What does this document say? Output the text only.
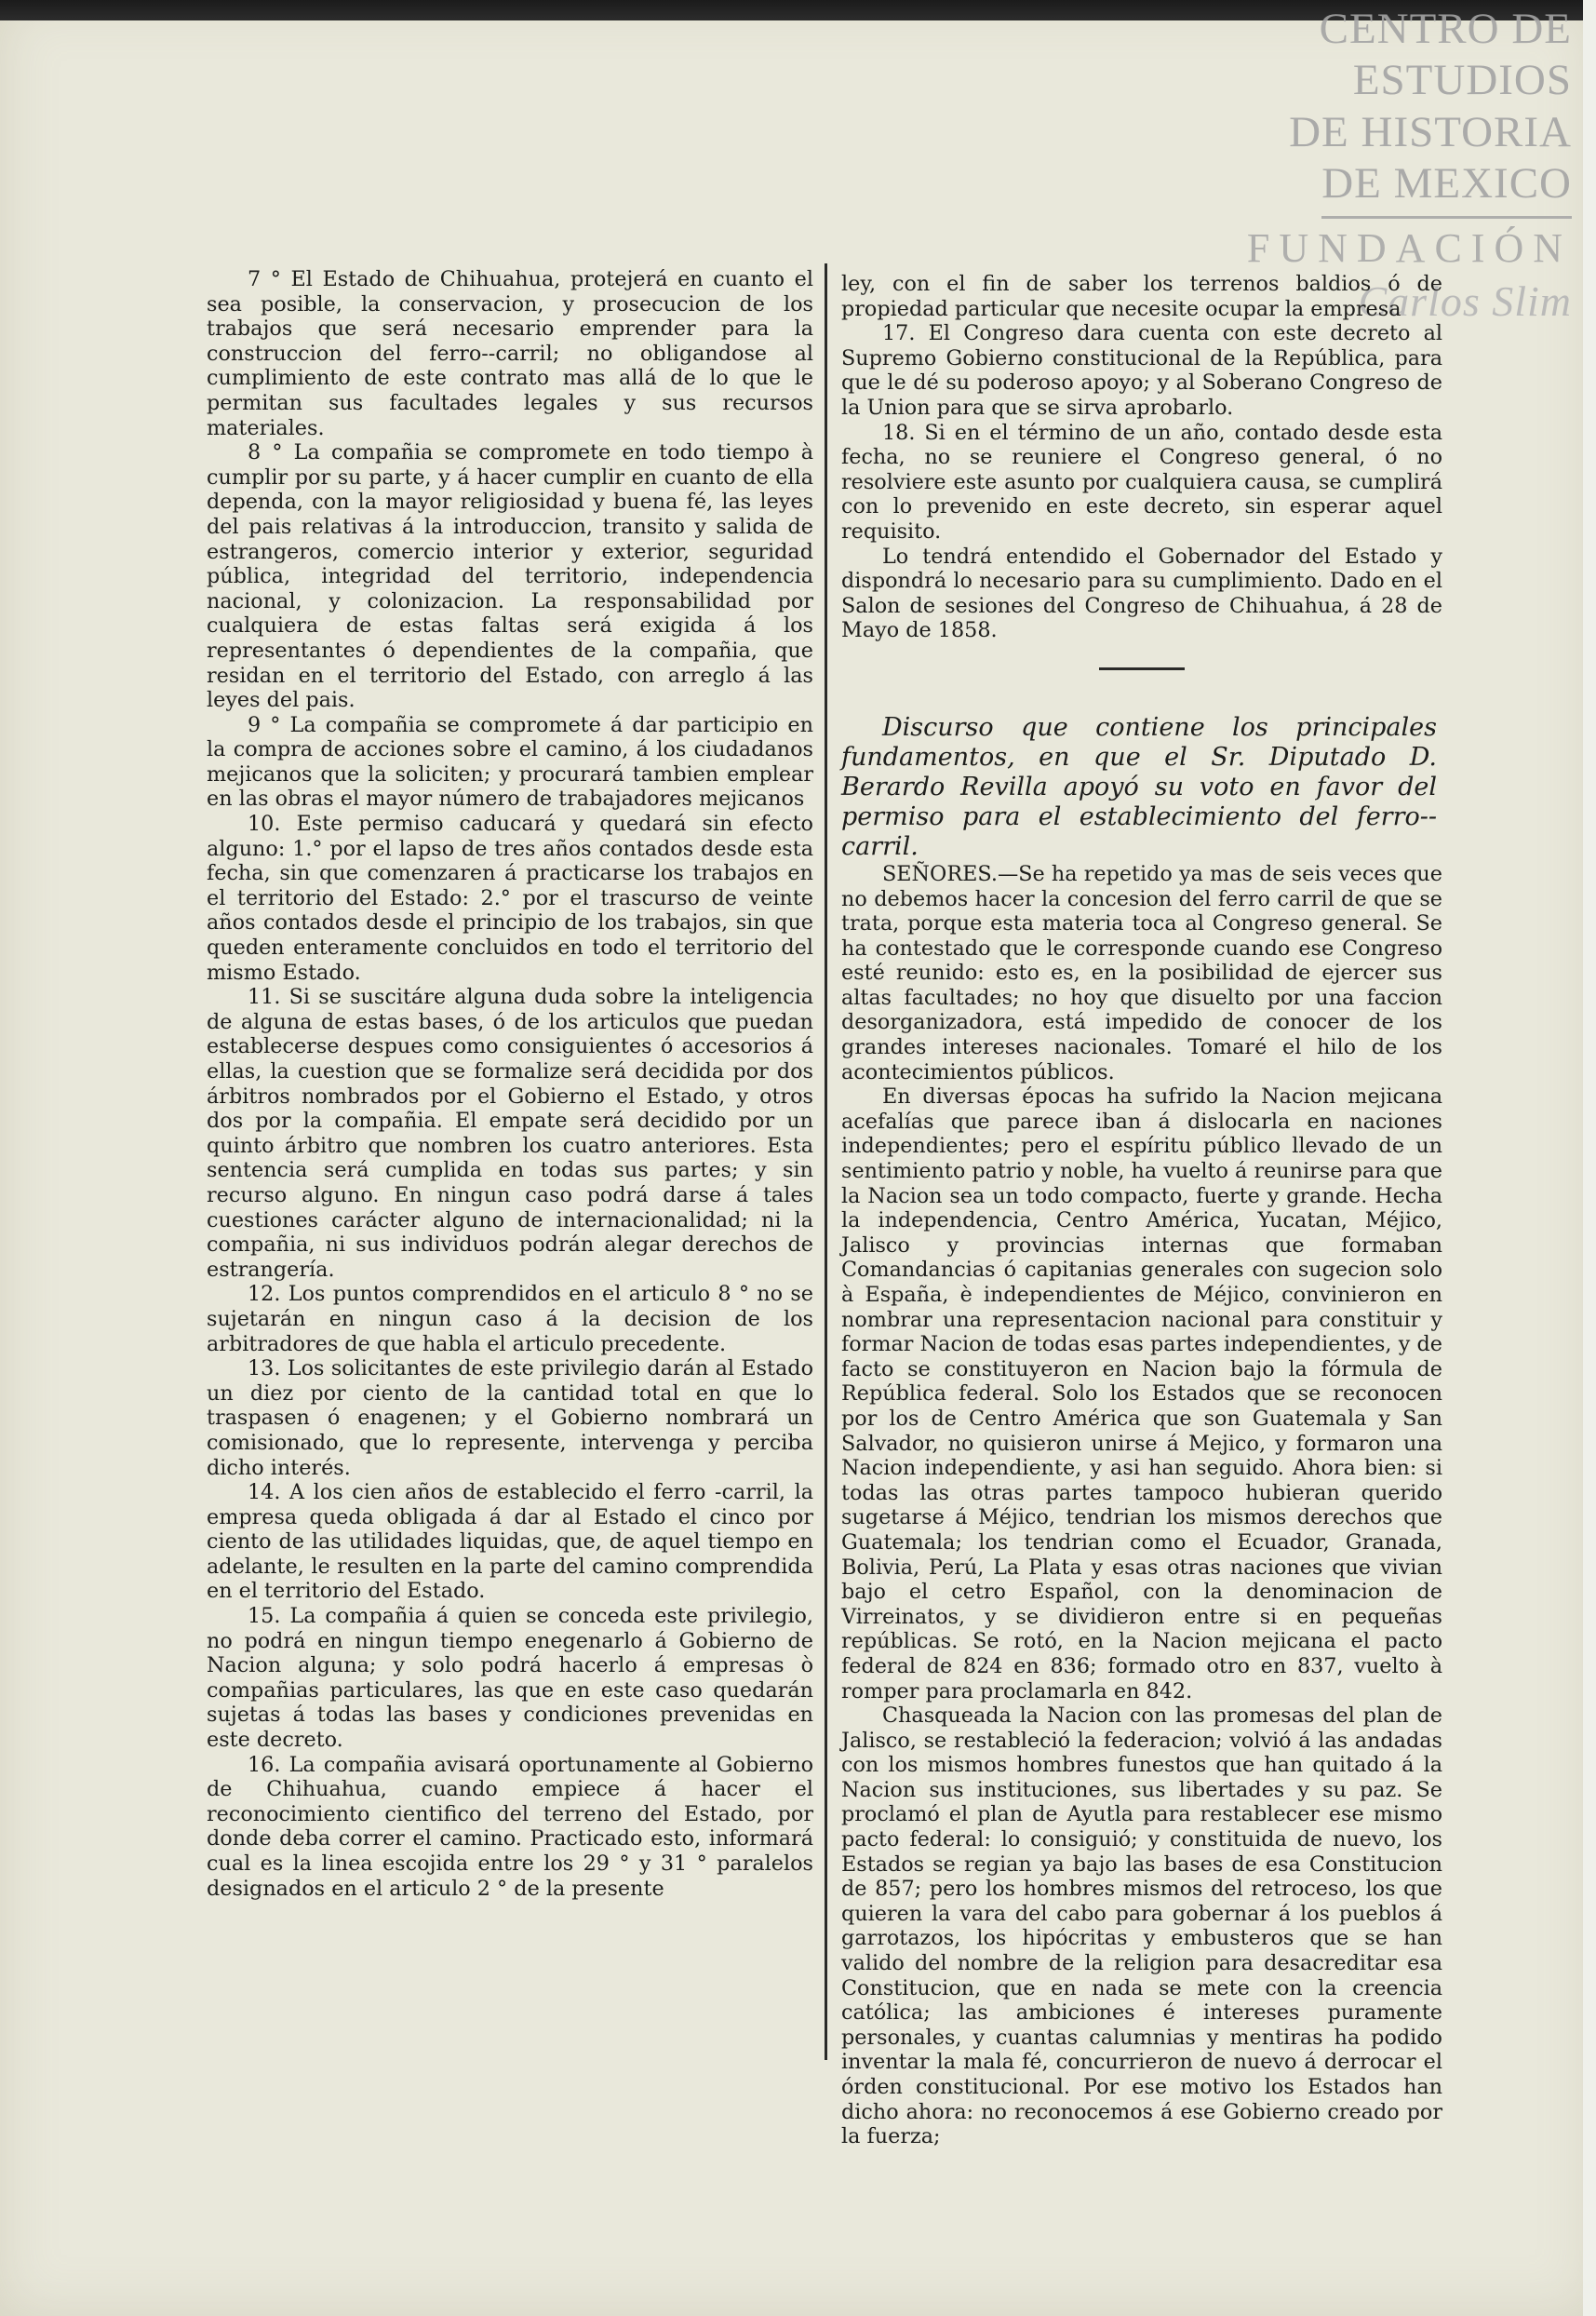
CENTRO DE
ESTUDIOS
DE HISTORIA
DE MEXICO
FUNDACIÓN
Carlos Slim

7 ° El Estado de Chihuahua, protejerá en cuanto el sea posible, la conservacion, y prosecucion de los trabajos que será necesario emprender para la construccion del ferro--carril; no obligandose al cumplimiento de este contrato mas allá de lo que le permitan sus facultades legales y sus recursos materiales.

8 ° La compañia se compromete en todo tiempo à cumplir por su parte, y á hacer cumplir en cuanto de ella dependa, con la mayor religiosidad y buena fé, las leyes del pais relativas á la introduccion, transito y salida de estrangeros, comercio interior y exterior, seguridad pública, integridad del territorio, independencia nacional, y colonizacion. La responsabilidad por cualquiera de estas faltas será exigida á los representantes ó dependientes de la compañia, que residan en el territorio del Estado, con arreglo á las leyes del pais.

9 ° La compañia se compromete á dar participio en la compra de acciones sobre el camino, á los ciudadanos mejicanos que la soliciten; y procurará tambien emplear en las obras el mayor número de trabajadores mejicanos

10. Este permiso caducará y quedará sin efecto alguno: 1.° por el lapso de tres años contados desde esta fecha, sin que comenzaren á practicarse los trabajos en el territorio del Estado: 2.° por el trascurso de veinte años contados desde el principio de los trabajos, sin que queden enteramente concluidos en todo el territorio del mismo Estado.

11. Si se suscitáre alguna duda sobre la inteligencia de alguna de estas bases, ó de los articulos que puedan establecerse despues como consiguientes ó accesorios á ellas, la cuestion que se formalize será decidida por dos árbitros nombrados por el Gobierno el Estado, y otros dos por la compañia. El empate será decidido por un quinto árbitro que nombren los cuatro anteriores. Esta sentencia será cumplida en todas sus partes; y sin recurso alguno. En ningun caso podrá darse á tales cuestiones carácter alguno de internacionalidad; ni la compañia, ni sus individuos podrán alegar derechos de estrangería.

12. Los puntos comprendidos en el articulo 8 ° no se sujetarán en ningun caso á la decision de los arbitradores de que habla el articulo precedente.

13. Los solicitantes de este privilegio darán al Estado un diez por ciento de la cantidad total en que lo traspasen ó enagenen; y el Gobierno nombrará un comisionado, que lo represente, intervenga y perciba dicho interés.

14. A los cien años de establecido el ferro -carril, la empresa queda obligada á dar al Estado el cinco por ciento de las utilidades liquidas, que, de aquel tiempo en adelante, le resulten en la parte del camino comprendida en el territorio del Estado.

15. La compañia á quien se conceda este privilegio, no podrá en ningun tiempo enegenarlo á Gobierno de Nacion alguna; y solo podrá hacerlo á empresas ò compañias particulares, las que en este caso quedarán sujetas á todas las bases y condiciones prevenidas en este decreto.

16. La compañia avisará oportunamente al Gobierno de Chihuahua, cuando empiece á hacer el reconocimiento cientifico del terreno del Estado, por donde deba correr el camino. Practicado esto, informará cual es la linea escojida entre los 29 ° y 31 ° paralelos designados en el articulo 2 ° de la presente

ley, con el fin de saber los terrenos baldios ó de propiedad particular que necesite ocupar la empresa

17. El Congreso dara cuenta con este decreto al Supremo Gobierno constitucional de la República, para que le dé su poderoso apoyo; y al Soberano Congreso de la Union para que se sirva aprobarlo.

18. Si en el término de un año, contado desde esta fecha, no se reuniere el Congreso general, ó no resolviere este asunto por cualquiera causa, se cumplirá con lo prevenido en este decreto, sin esperar aquel requisito.

Lo tendrá entendido el Gobernador del Estado y dispondrá lo necesario para su cumplimiento. Dado en el Salon de sesiones del Congreso de Chihuahua, á 28 de Mayo de 1858.

Discurso que contiene los principales fundamentos, en que el Sr. Diputado D. Berardo Revilla apoyó su voto en favor del permiso para el establecimiento del ferro--carril.

SEÑORES.—Se ha repetido ya mas de seis veces que no debemos hacer la concesion del ferro carril de que se trata, porque esta materia toca al Congreso general. Se ha contestado que le corresponde cuando ese Congreso esté reunido: esto es, en la posibilidad de ejercer sus altas facultades; no hoy que disuelto por una faccion desorganizadora, está impedido de conocer de los grandes intereses nacionales. Tomaré el hilo de los acontecimientos públicos.

En diversas épocas ha sufrido la Nacion mejicana acefalías que parece iban á dislocarla en naciones independientes; pero el espíritu público llevado de un sentimiento patrio y noble, ha vuelto á reunirse para que la Nacion sea un todo compacto, fuerte y grande. Hecha la independencia, Centro América, Yucatan, Méjico, Jalisco y provincias internas que formaban Comandancias ó capitanias generales con sugecion solo à España, è independientes de Méjico, convinieron en nombrar una representacion nacional para constituir y formar Nacion de todas esas partes independientes, y de facto se constituyeron en Nacion bajo la fórmula de República federal. Solo los Estados que se reconocen por los de Centro América que son Guatemala y San Salvador, no quisieron unirse á Mejico, y formaron una Nacion independiente, y asi han seguido. Ahora bien: si todas las otras partes tampoco hubieran querido sugetarse á Méjico, tendrian los mismos derechos que Guatemala; los tendrian como el Ecuador, Granada, Bolivia, Perú, La Plata y esas otras naciones que vivian bajo el cetro Español, con la denominacion de Virreinatos, y se dividieron entre si en pequeñas repúblicas. Se rotó, en la Nacion mejicana el pacto federal de 824 en 836; formado otro en 837, vuelto à romper para proclamarla en 842.

Chasqueada la Nacion con las promesas del plan de Jalisco, se restableció la federacion; volvió á las andadas con los mismos hombres funestos que han quitado á la Nacion sus instituciones, sus libertades y su paz. Se proclamó el plan de Ayutla para restablecer ese mismo pacto federal: lo consiguió; y constituida de nuevo, los Estados se regian ya bajo las bases de esa Constitucion de 857; pero los hombres mismos del retroceso, los que quieren la vara del cabo para gobernar á los pueblos á garrotazos, los hipócritas y embusteros que se han valido del nombre de la religion para desacreditar esa Constitucion, que en nada se mete con la creencia católica; las ambiciones é intereses puramente personales, y cuantas calumnias y mentiras ha podido inventar la mala fé, concurrieron de nuevo á derrocar el órden constitucional. Por ese motivo los Estados han dicho ahora: no reconocemos á ese Gobierno creado por la fuerza;
